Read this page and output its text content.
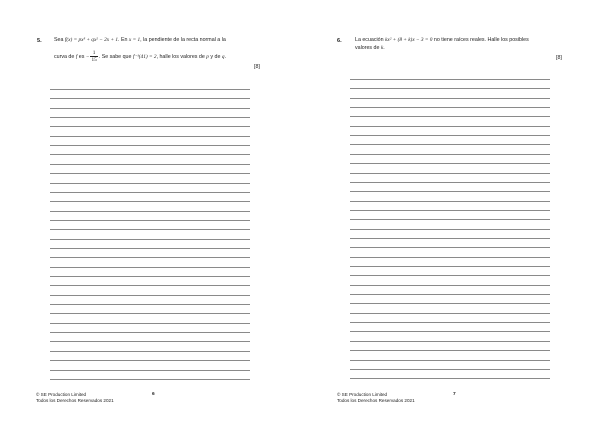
5. Sea f(x) = px³ + qx² − 2x + 1. En x = 1, la pendiente de la recta normal a la
curva de f es − $\frac{1}{15}$ . Se sabe que f⁻¹(41) = 2, halle los valores de p y de q.
[8]
© SE Production Limited
Todos los Derechos Reservados 2021
6
6.	La ecuación kx² + (8 + k)x − 3 = 0 no tiene raíces reales. Halle los posibles
valores de k.
[8]
© SE Production Limited
Todos los Derechos Reservados 2021
7
